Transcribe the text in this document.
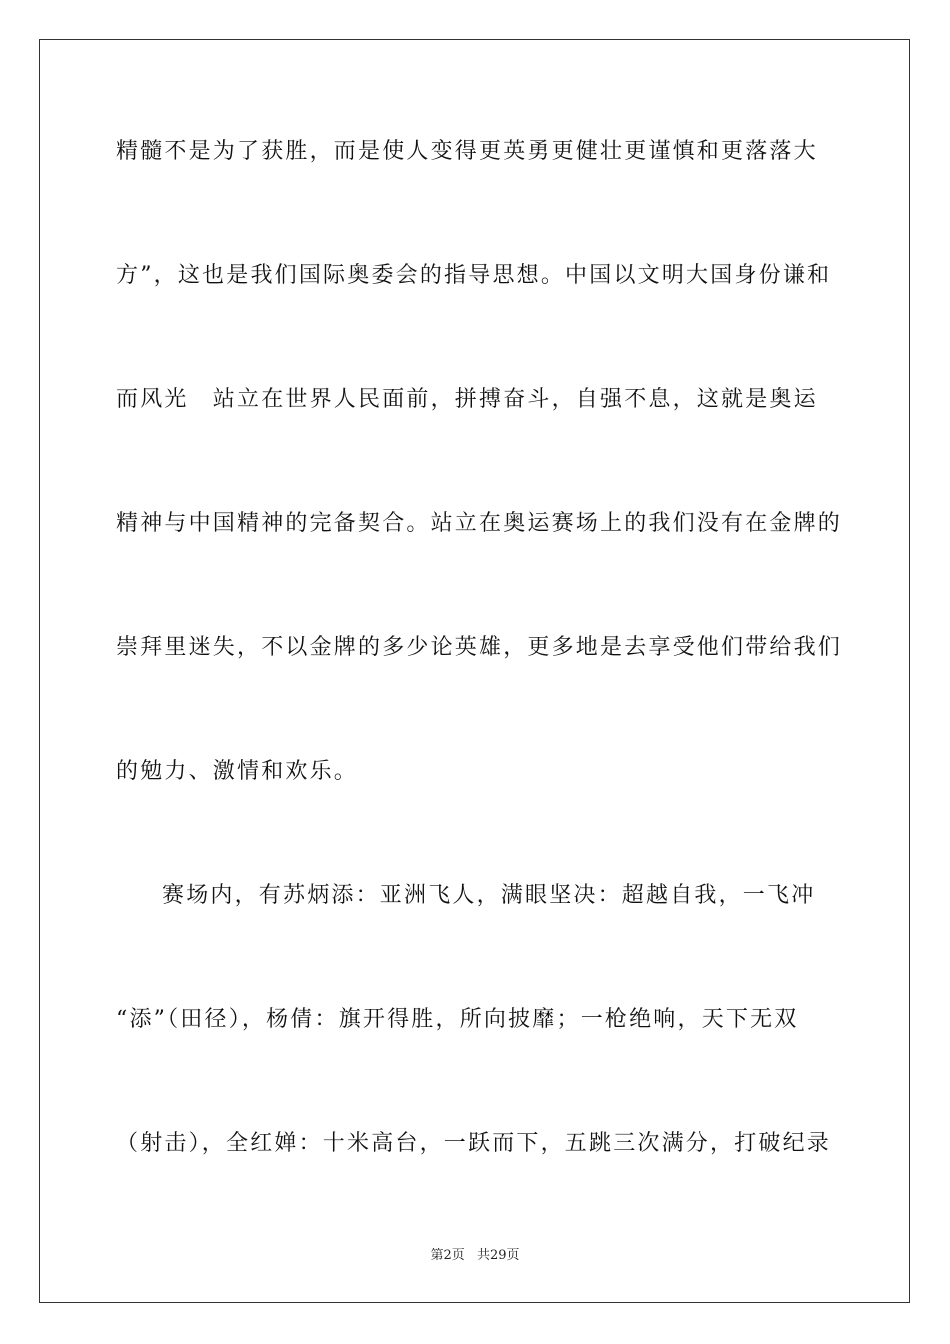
精髓不是为了获胜，而是使人变得更英勇更健壮更谨慎和更落落大
方”，这也是我们国际奥委会的指导思想。中国以文明大国身份谦和
而风光　站立在世界人民面前，拼搏奋斗，自强不息，这就是奥运
精神与中国精神的完备契合。站立在奥运赛场上的我们没有在金牌的
崇拜里迷失，不以金牌的多少论英雄，更多地是去享受他们带给我们
的勉力、激情和欢乐。
赛场内，有苏炳添：亚洲飞人，满眼坚决：超越自我，一飞冲
“添”（田径），杨倩：旗开得胜，所向披靡；一枪绝响，天下无双
（射击），全红婵：十米高台，一跃而下，五跳三次满分，打破纪录
第2页 共29页
